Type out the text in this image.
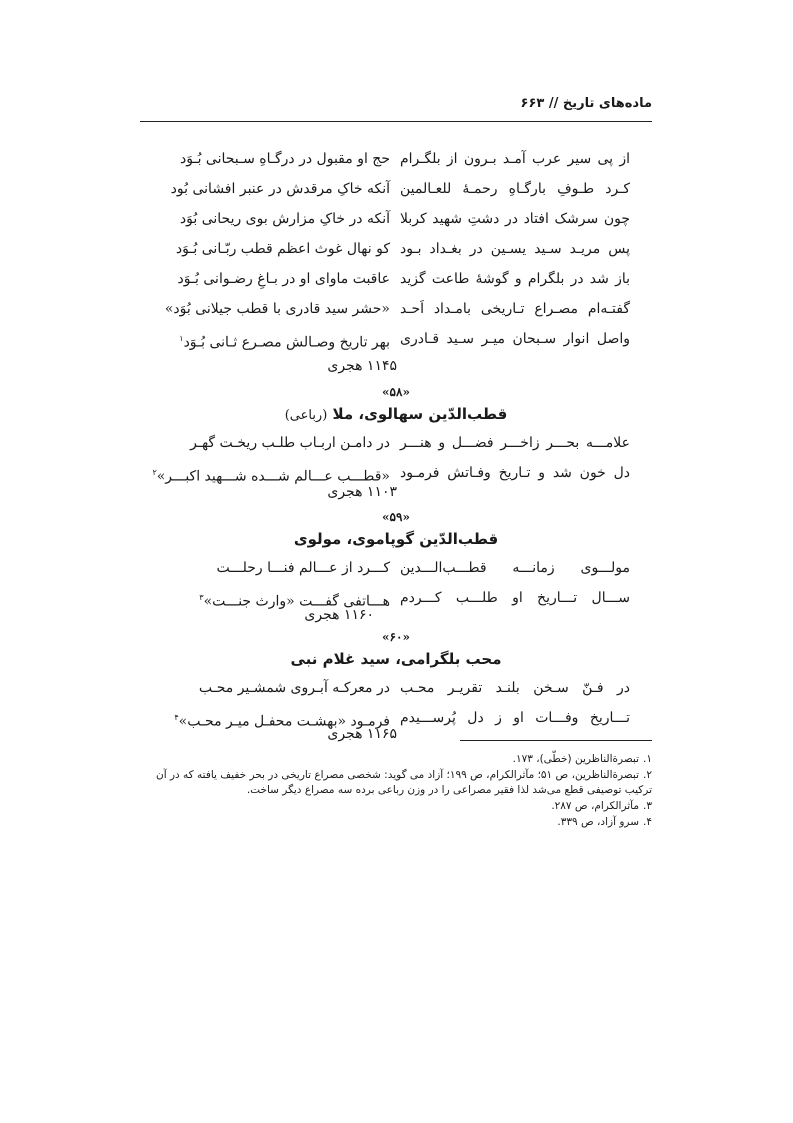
ماده‌های تاریخ // ۶۶۳
از پی سیر عرب آمـد بـرون از بلگـرام
حج او مقبول در درگـاهِ سـبحانی بُـوَد
کـرد طـوفِ بارگـاهِ رحمـهٔ للعـالمین
آنکه خاکِ مرقدش در عنبر افشانی بُود
چون سرشک افتاد در دشتِ شهید کربلا
آنکه در خاکِ مزارش بوی ریحانی بُوَد
پس مریـد سـید یسـین در بغـداد بـود
کو نهال غوث اعظم قطب ربّـانی بُـوَد
باز شد در بلگرام و گوشهٔ طاعت گزید
عاقبت ماوای او در بـاغِ رضـوانی بُـوَد
گفتـه‌ام مصـراع تـاریخی بامـداد اَحـد
«حشر سید قادری با قطب جیلانی بُوَد»
واصل انوار سـبحان میـر سـید قـادری
بهر تاریخ وصـالش مصـرع ثـانی بُـوَد$^۱$
۱۱۴۵ هجری
«۵۸»
قطب‌الدّین سهالوی، ملا (رباعی)
علامـــه بحـــر زاخـــر فضـــل و هنـــر
در دامـن اربـاب طلـب ریخـت گهـر
دل خون شد و تـاریخ وفـاتش فرمـود
«قطـــب عـــالم شـــده شـــهید اکبـــر»$^۲$
۱۱۰۳ هجری
«۵۹»
قطب‌الدّین گوپاموی، مولوی
مولـــوی زمانـــه قطـــب‌الـــدین
کـــرد از عـــالم فنـــا رحلـــت
ســـال تـــاریخ او طلـــب کـــردم
هـــاتفی گفـــت «وارث جنـــت»$^۳$
۱۱۶۰ هجری
«۶۰»
محب بلگرامی، سید غلام نبی
در فـنّ سـخن بلنـد تقریـر محـب
در معرکـه آبـروی شمشـیر محـب
تـــاریخ وفـــات او ز دل پُرســـیدم
فرمـود «بهشـت محفـل میـر محـب»$^۴$
۱۱۶۵ هجری
۱.تبصرةالناظرین (خطّی)، ۱۷۳.
۲.تبصرةالناظرین، ص ۵۱؛ مآثرالکرام، ص ۱۹۹؛ آزاد می گوید: شخصی مصراع تاریخی در بحر خفیف یافته که در آن ترکیب توصیفی قطع می‌شد لذا فقیر مصراعی را در وزن رباعی برده سه مصراع دیگر ساخت.
۳.مآثرالکرام، ص ۲۸۷.
۴.سرو آزاد، ص ۳۳۹.
